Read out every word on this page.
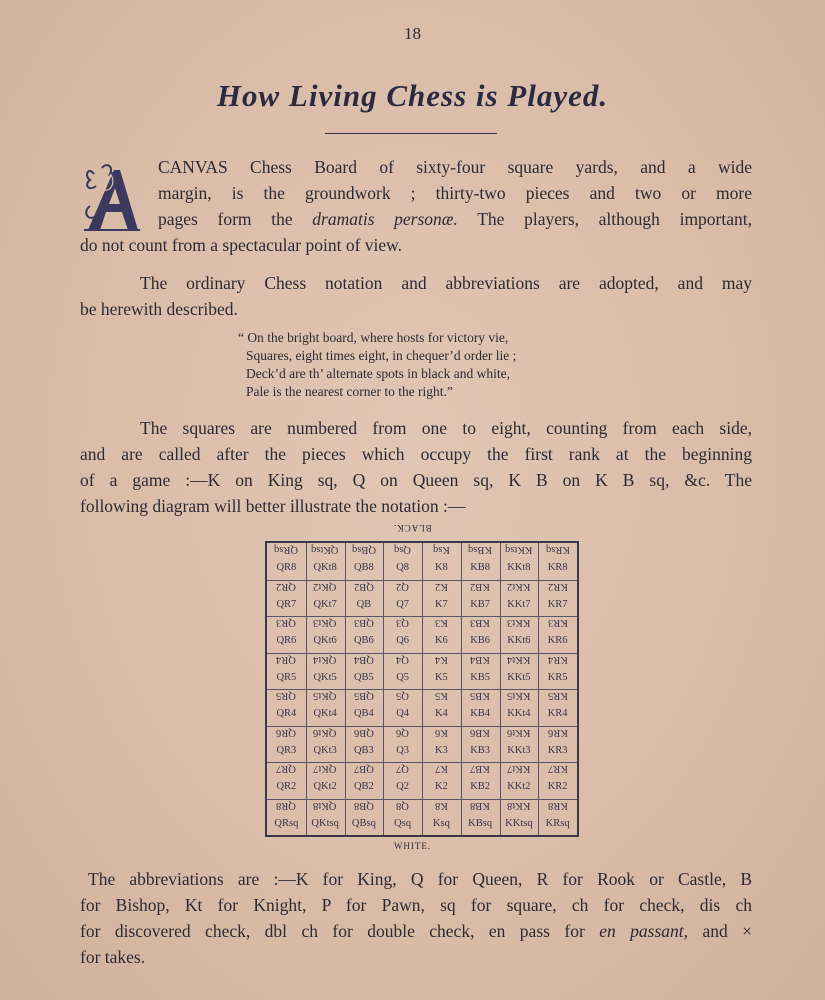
18
How Living Chess is Played.
A
CANVAS Chess Board of sixty-four square yards, and a wide
margin, is the groundwork ; thirty-two pieces and two or more
pages form the dramatis personæ. The players, although important,
do not count from a spectacular point of view.
The ordinary Chess notation and abbreviations are adopted, and may
be herewith described.
“ On the bright board, where hosts for victory vie,
Squares, eight times eight, in chequer’d order lie ;
Deck’d are th’ alternate spots in black and white,
Pale is the nearest corner to the right.”
The squares are numbered from one to eight, counting from each side,
and are called after the pieces which occupy the first rank at the beginning
of a game :—K on King sq, Q on Queen sq, K B on K B sq, &c. The
following diagram will better illustrate the notation :—
BLACK.
QRsq	QKtsq	QBsq	Qsq	Ksq	KBsq	KKtsq	KRsq
QR8	QKt8	QB8	Q8	K8	KB8	KKt8	KR8
QR2	QKt2	QB2	Q2	K2	KB2	KKt2	KR2
QR7	QKt7	QB	Q7	K7	KB7	KKt7	KR7
QR3	QKt3	QB3	Q3	K3	KB3	KKt3	KR3
QR6	QKt6	QB6	Q6	K6	KB6	KKt6	KR6
QR4	QKt4	QB4	Q4	K4	KB4	KKt4	KR4
QR5	QKt5	QB5	Q5	K5	KB5	KKt5	KR5
QR5	QKt5	QB5	Q5	K5	KB5	KKt5	KR5
QR4	QKt4	QB4	Q4	K4	KB4	KKt4	KR4
QR6	QKt6	QB6	Q6	K6	KB6	KKt6	KR6
QR3	QKt3	QB3	Q3	K3	KB3	KKt3	KR3
QR7	QKt7	QB7	Q7	K7	KB7	KKt7	KR7
QR2	QKt2	QB2	Q2	K2	KB2	KKt2	KR2
QR8	QKt8	QB8	Q8	K8	KB8	KKt8	KR8
QRsq	QKtsq	QBsq	Qsq	Ksq	KBsq	KKtsq	KRsq
WHITE.
The abbreviations are :—K for King, Q for Queen, R for Rook or Castle, B
for Bishop, Kt for Knight, P for Pawn, sq for square, ch for check, dis ch
for discovered check, dbl ch for double check, en pass for en passant, and ×
for takes.
